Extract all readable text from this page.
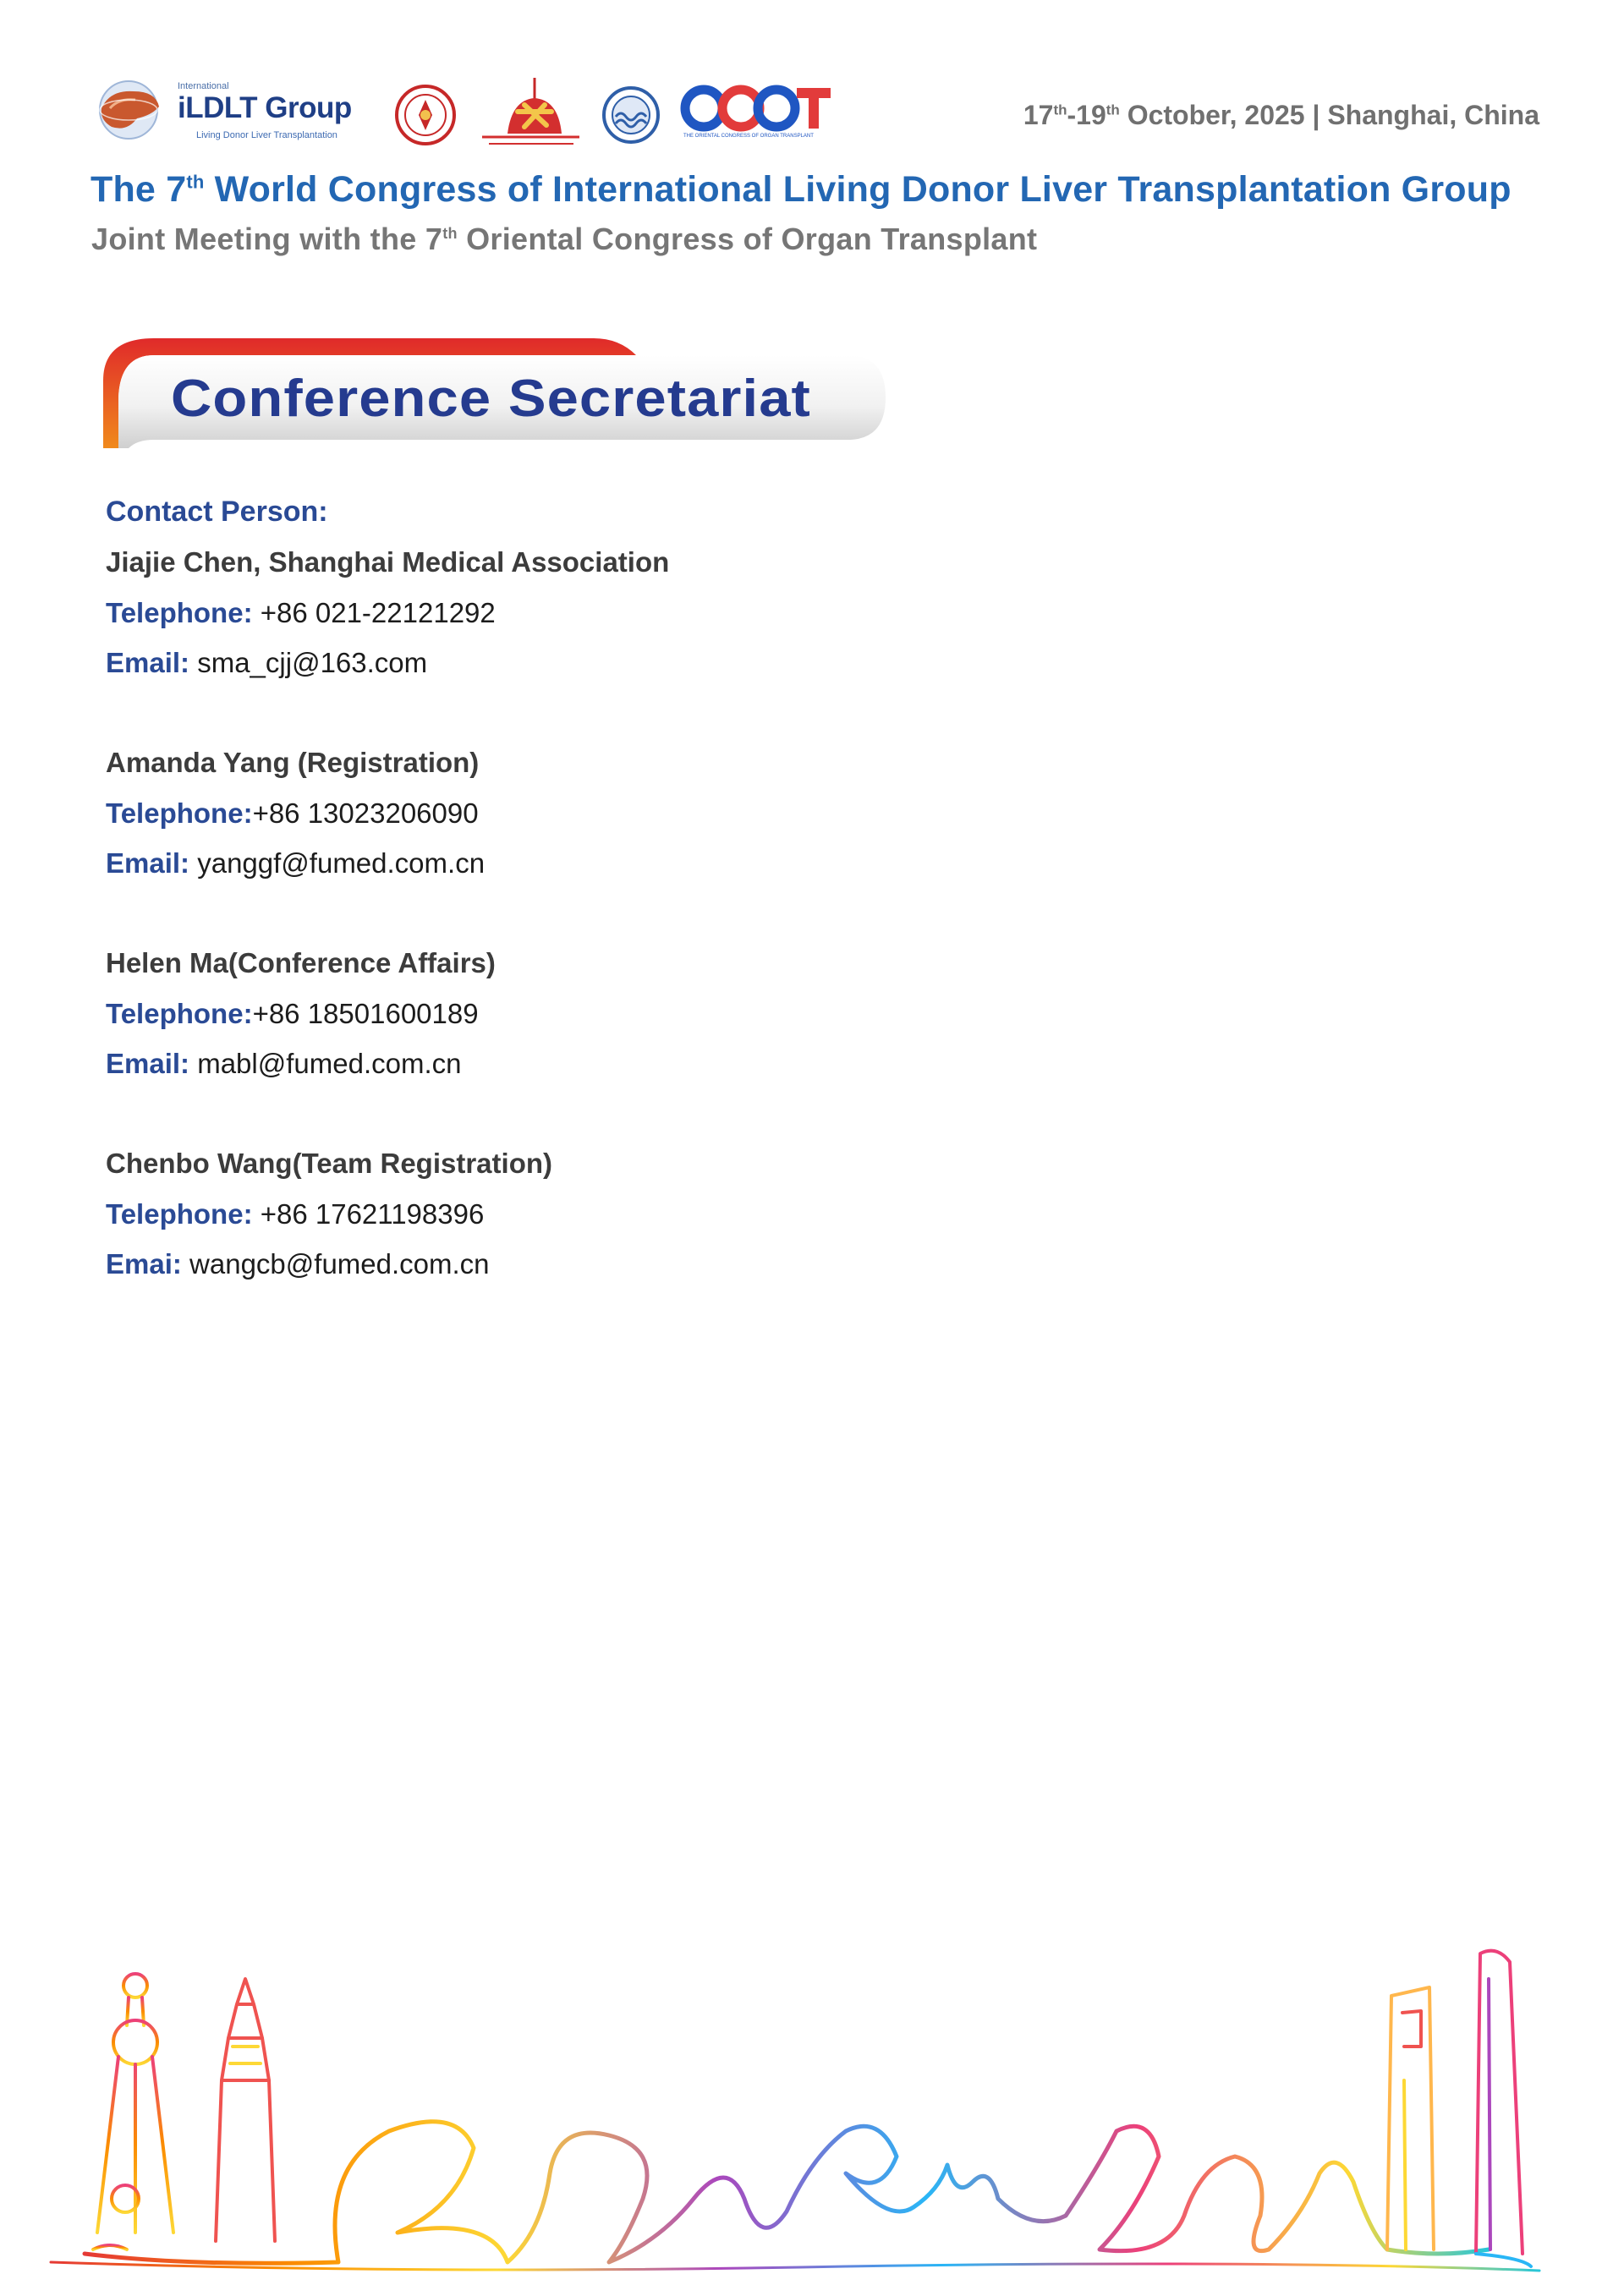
International
iLDLT Group
Living Donor Liver Transplantation	THE ORIENTAL CONGRESS OF ORGAN TRANSPLANT
17th-19th October, 2025 | Shanghai, China
The 7th World Congress of International Living Donor Liver Transplantation Group
Joint Meeting with the 7th Oriental Congress of Organ Transplant
Conference Secretariat
Contact Person:
Jiajie Chen, Shanghai Medical Association
Telephone: +86 021-22121292
Email: sma_cjj@163.com
Amanda Yang (Registration)
Telephone:+86 13023206090
Email: yanggf@fumed.com.cn
Helen Ma(Conference Affairs)
Telephone:+86 18501600189
Email: mabl@fumed.com.cn
Chenbo Wang(Team Registration)
Telephone: +86 17621198396
Emai: wangcb@fumed.com.cn
